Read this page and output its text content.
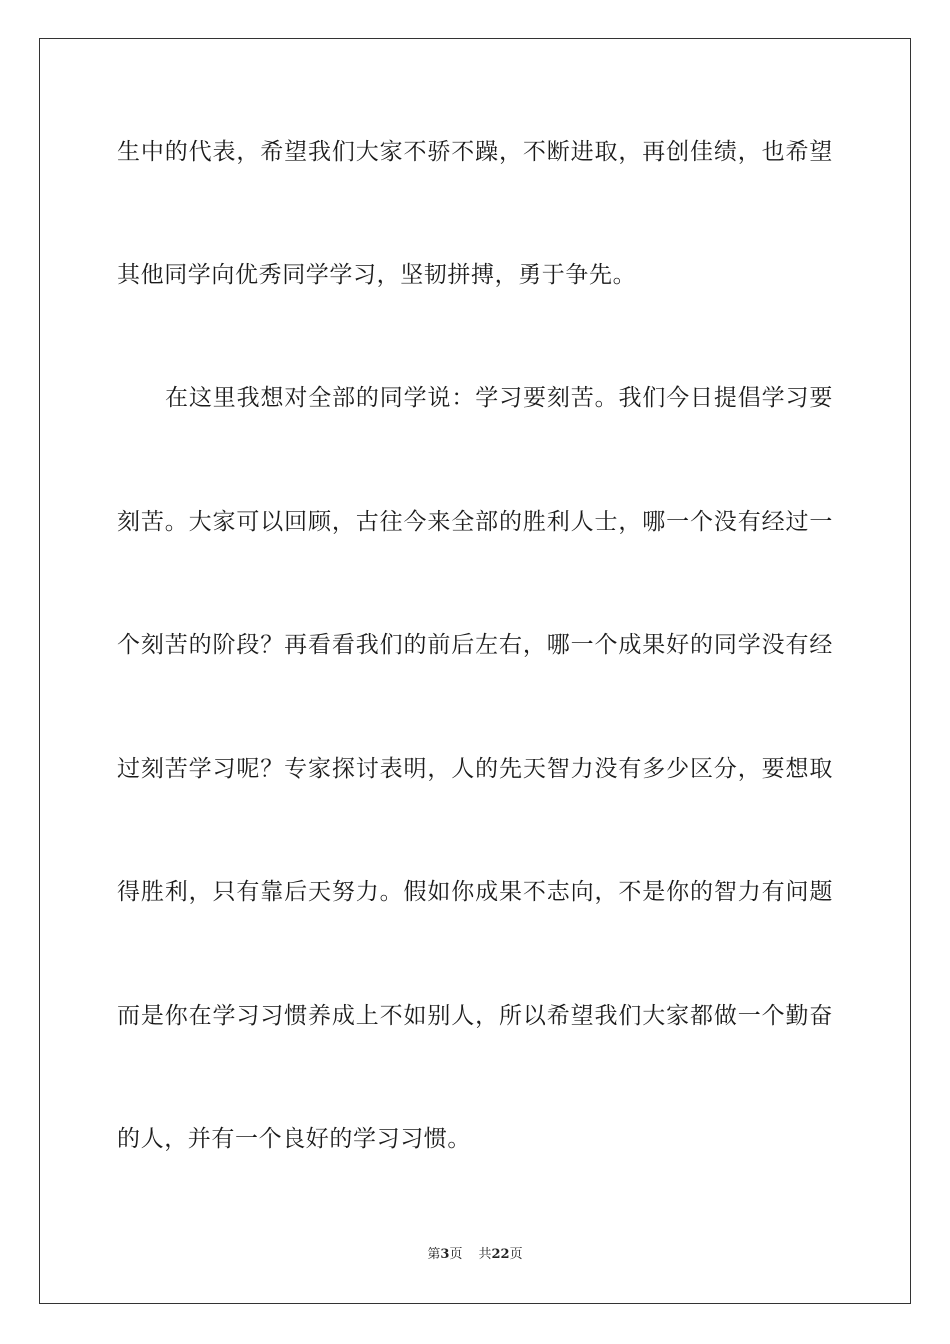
生中的代表，希望我们大家不骄不躁，不断进取，再创佳绩，也希望
其他同学向优秀同学学习，坚韧拼搏，勇于争先。
在这里我想对全部的同学说：学习要刻苦。我们今日提倡学习要
刻苦。大家可以回顾，古往今来全部的胜利人士，哪一个没有经过一
个刻苦的阶段？再看看我们的前后左右，哪一个成果好的同学没有经
过刻苦学习呢？专家探讨表明，人的先天智力没有多少区分，要想取
得胜利，只有靠后天努力。假如你成果不志向，不是你的智力有问题
而是你在学习习惯养成上不如别人，所以希望我们大家都做一个勤奋
的人，并有一个良好的学习习惯。
第3页 共22页
